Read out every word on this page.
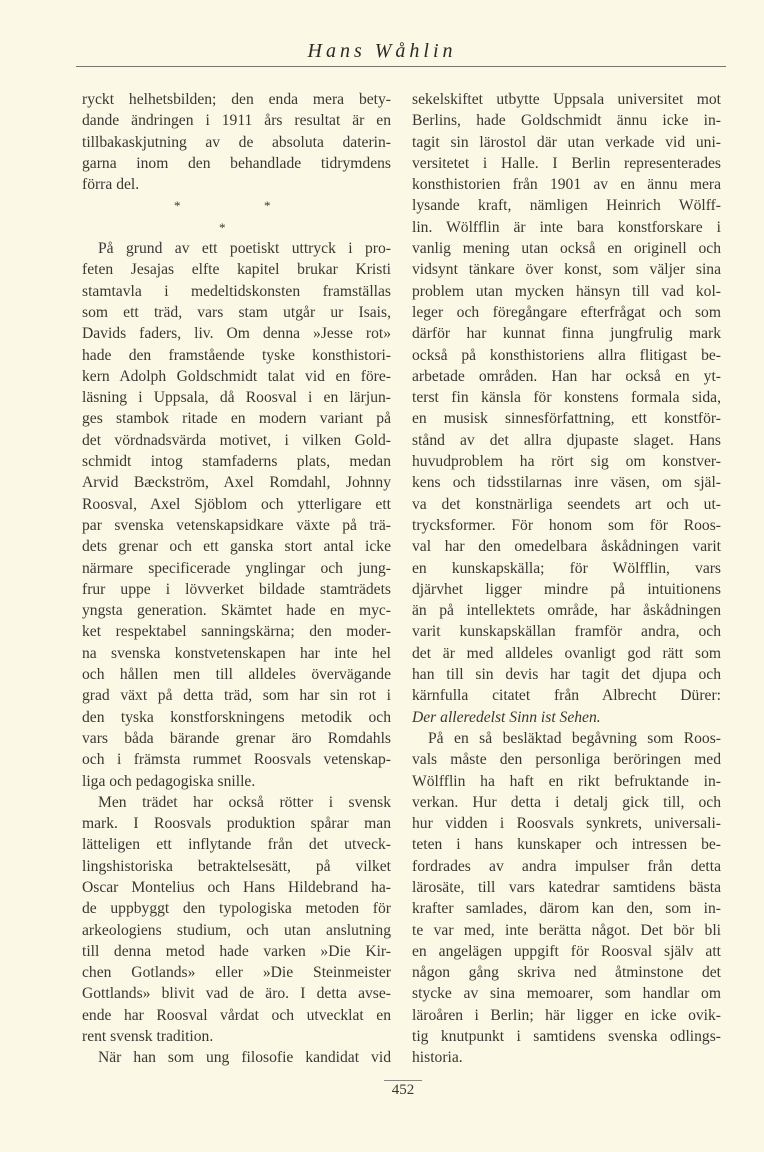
Hans Wåhlin
ryckt helhetsbilden; den enda mera bety-
dande ändringen i 1911 års resultat är en
tillbakaskjutning av de absoluta daterin-
garna inom den behandlade tidrymdens
förra del.
*	*
*
På grund av ett poetiskt uttryck i pro-
feten Jesajas elfte kapitel brukar Kristi
stamtavla i medeltidskonsten framställas
som ett träd, vars stam utgår ur Isais,
Davids faders, liv. Om denna »Jesse rot»
hade den framstående tyske konsthistori-
kern Adolph Goldschmidt talat vid en före-
läsning i Uppsala, då Roosval i en lärjun-
ges stambok ritade en modern variant på
det vördnadsvärda motivet, i vilken Gold-
schmidt intog stamfaderns plats, medan
Arvid Bæckström, Axel Romdahl, Johnny
Roosval, Axel Sjöblom och ytterligare ett
par svenska vetenskapsidkare växte på trä-
dets grenar och ett ganska stort antal icke
närmare specificerade ynglingar och jung-
frur uppe i lövverket bildade stamträdets
yngsta generation. Skämtet hade en myc-
ket respektabel sanningskärna; den moder-
na svenska konstvetenskapen har inte hel
och hållen men till alldeles övervägande
grad växt på detta träd, som har sin rot i
den tyska konstforskningens metodik och
vars båda bärande grenar äro Romdahls
och i främsta rummet Roosvals vetenskap-
liga och pedagogiska snille.
Men trädet har också rötter i svensk
mark. I Roosvals produktion spårar man
lätteligen ett inflytande från det utveck-
lingshistoriska betraktelsesätt, på vilket
Oscar Montelius och Hans Hildebrand ha-
de uppbyggt den typologiska metoden för
arkeologiens studium, och utan anslutning
till denna metod hade varken »Die Kir-
chen Gotlands» eller »Die Steinmeister
Gottlands» blivit vad de äro. I detta avse-
ende har Roosval vårdat och utvecklat en
rent svensk tradition.
När han som ung filosofie kandidat vid
sekelskiftet utbytte Uppsala universitet mot
Berlins, hade Goldschmidt ännu icke in-
tagit sin lärostol där utan verkade vid uni-
versitetet i Halle. I Berlin representerades
konsthistorien från 1901 av en ännu mera
lysande kraft, nämligen Heinrich Wölff-
lin. Wölfflin är inte bara konstforskare i
vanlig mening utan också en originell och
vidsynt tänkare över konst, som väljer sina
problem utan mycken hänsyn till vad kol-
leger och föregångare efterfrågat och som
därför har kunnat finna jungfrulig mark
också på konsthistoriens allra flitigast be-
arbetade områden. Han har också en yt-
terst fin känsla för konstens formala sida,
en musisk sinnesförfattning, ett konstför-
stånd av det allra djupaste slaget. Hans
huvudproblem ha rört sig om konstver-
kens och tidsstilarnas inre väsen, om själ-
va det konstnärliga seendets art och ut-
trycksformer. För honom som för Roos-
val har den omedelbara åskådningen varit
en kunskapskälla; för Wölfflin, vars
djärvhet ligger mindre på intuitionens
än på intellektets område, har åskådningen
varit kunskapskällan framför andra, och
det är med alldeles ovanligt god rätt som
han till sin devis har tagit det djupa och
kärnfulla citatet från Albrecht Dürer:
Der alleredelst Sinn ist Sehen.
På en så besläktad begåvning som Roos-
vals måste den personliga beröringen med
Wölfflin ha haft en rikt befruktande in-
verkan. Hur detta i detalj gick till, och
hur vidden i Roosvals synkrets, universali-
teten i hans kunskaper och intressen be-
fordrades av andra impulser från detta
lärosäte, till vars katedrar samtidens bästa
krafter samlades, därom kan den, som in-
te var med, inte berätta något. Det bör bli
en angelägen uppgift för Roosval själv att
någon gång skriva ned åtminstone det
stycke av sina memoarer, som handlar om
läroåren i Berlin; här ligger en icke ovik-
tig knutpunkt i samtidens svenska odlings-
historia.
452
